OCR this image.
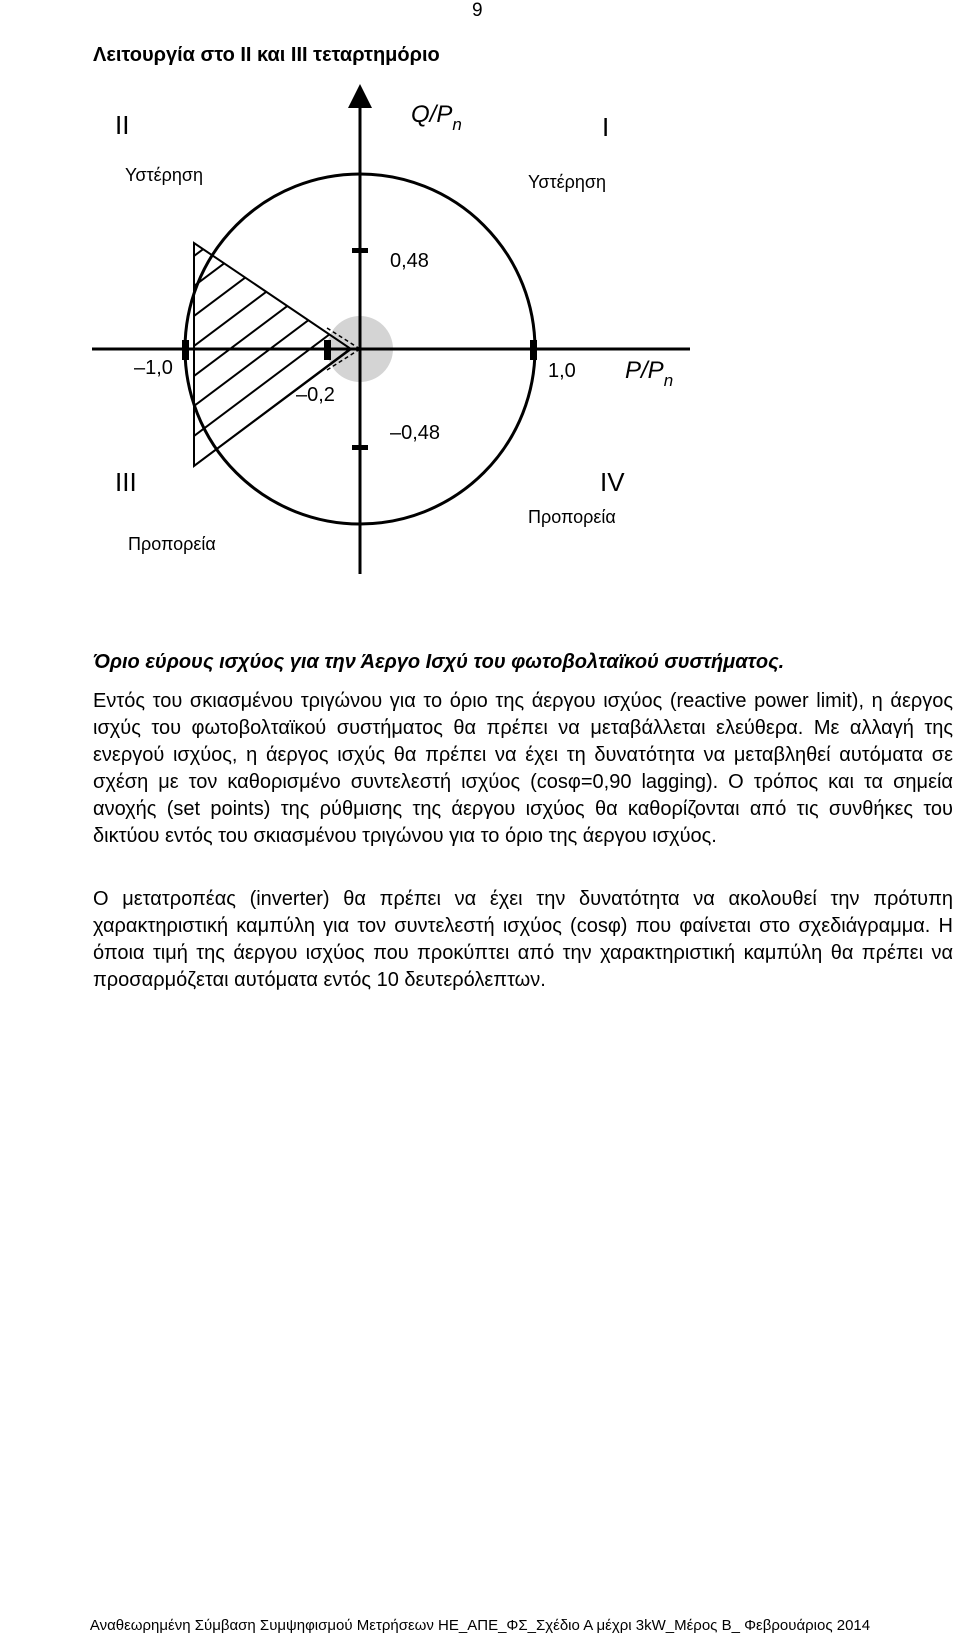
9
Λειτουργία στο ΙΙ και ΙΙΙ τεταρτημόριο
0,48
–0,48
–1,0
–0,2
1,0
$Q/P_n$
$P/P_n$
II
Υστέρηση
I
Υστέρηση
III
Προπορεία
IV
Προπορεία

Όριο εύρους ισχύος για την Άεργο Ισχύ του φωτοβολταϊκού συστήματος.

Εντός του σκιασμένου τριγώνου για το όριο της άεργου ισχύος (reactive power limit), η άεργος ισχύς του φωτοβολταϊκού συστήματος θα πρέπει να μεταβάλλεται ελεύθερα. Με αλλαγή της ενεργού ισχύος, η άεργος ισχύς θα πρέπει να έχει τη δυνατότητα να μεταβληθεί αυτόματα σε σχέση με τον καθορισμένο συντελεστή ισχύος (cosφ=0,90 lagging). Ο τρόπος και τα σημεία ανοχής (set points) της ρύθμισης της άεργου ισχύος θα καθορίζονται από τις συνθήκες του δικτύου εντός του σκιασμένου τριγώνου για το όριο της άεργου ισχύος.

Ο μετατροπέας (inverter) θα πρέπει να έχει την δυνατότητα να ακολουθεί την πρότυπη χαρακτηριστική καμπύλη για τον συντελεστή ισχύος (cosφ) που φαίνεται στο σχεδιάγραμμα. Η όποια τιμή της άεργου ισχύος που προκύπτει από την χαρακτηριστική καμπύλη θα πρέπει να προσαρμόζεται αυτόματα εντός 10 δευτερόλεπτων.

Αναθεωρημένη Σύμβαση Συμψηφισμού Μετρήσεων ΗΕ_ΑΠΕ_ΦΣ_Σχέδιο Α μέχρι 3kW_Μέρος Β_ Φεβρουάριος 2014
